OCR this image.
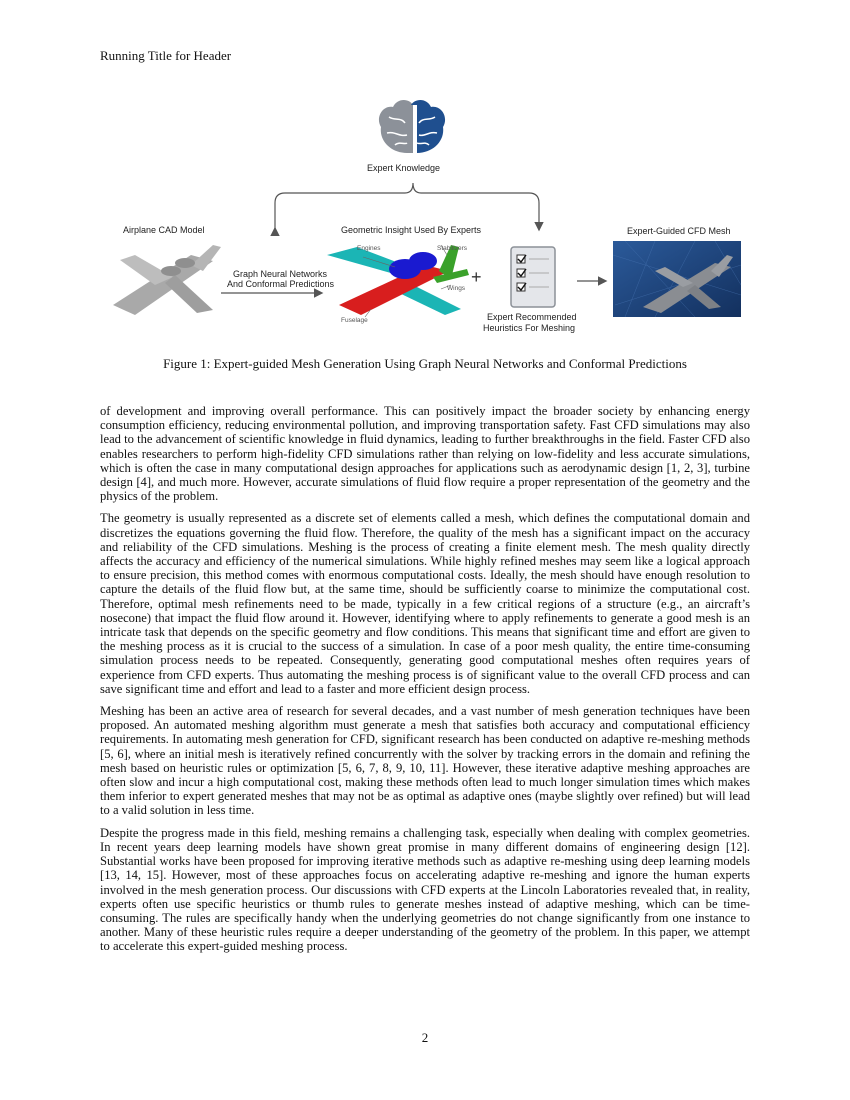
Running Title for Header
Expert Knowledge
Airplane CAD Model
Graph Neural Networks
And Conformal Predictions
Geometric Insight Used By Experts
Engines	Stabilizers
Wings
Fuselage
+
Expert Recommended
Heuristics For Meshing
Expert-Guided CFD Mesh
Figure 1: Expert-guided Mesh Generation Using Graph Neural Networks and Conformal Predictions

of development and improving overall performance. This can positively impact the broader society by enhancing energy consumption efficiency, reducing environmental pollution, and improving transportation safety. Fast CFD simulations may also lead to the advancement of scientific knowledge in fluid dynamics, leading to further breakthroughs in the field. Faster CFD also enables researchers to perform high-fidelity CFD simulations rather than relying on low-fidelity and less accurate simulations, which is often the case in many computational design approaches for applications such as aerodynamic design [1, 2, 3], turbine design [4], and much more. However, accurate simulations of fluid flow require a proper representation of the geometry and the physics of the problem.

The geometry is usually represented as a discrete set of elements called a mesh, which defines the computational domain and discretizes the equations governing the fluid flow. Therefore, the quality of the mesh has a significant impact on the accuracy and reliability of the CFD simulations. Meshing is the process of creating a finite element mesh. The mesh quality directly affects the accuracy and efficiency of the numerical simulations. While highly refined meshes may seem like a logical approach to ensure precision, this method comes with enormous computational costs. Ideally, the mesh should have enough resolution to capture the details of the fluid flow but, at the same time, should be sufficiently coarse to minimize the computational cost. Therefore, optimal mesh refinements need to be made, typically in a few critical regions of a structure (e.g., an aircraft’s nosecone) that impact the fluid flow around it. However, identifying where to apply refinements to generate a good mesh is an intricate task that depends on the specific geometry and flow conditions. This means that significant time and effort are given to the meshing process as it is crucial to the success of a simulation. In case of a poor mesh quality, the entire time-consuming simulation process needs to be repeated. Consequently, generating good computational meshes often requires years of experience from CFD experts. Thus automating the meshing process is of significant value to the overall CFD process and can save significant time and effort and lead to a faster and more efficient design process.

Meshing has been an active area of research for several decades, and a vast number of mesh generation techniques have been proposed. An automated meshing algorithm must generate a mesh that satisfies both accuracy and computational efficiency requirements. In automating mesh generation for CFD, significant research has been conducted on adaptive re-meshing methods [5, 6], where an initial mesh is iteratively refined concurrently with the solver by tracking errors in the domain and refining the mesh based on heuristic rules or optimization [5, 6, 7, 8, 9, 10, 11]. However, these iterative adaptive meshing approaches are often slow and incur a high computational cost, making these methods often lead to much longer simulation times which makes them inferior to expert generated meshes that may not be as optimal as adaptive ones (maybe slightly over refined) but will lead to a valid solution in less time.

Despite the progress made in this field, meshing remains a challenging task, especially when dealing with complex geometries. In recent years deep learning models have shown great promise in many different domains of engineering design [12]. Substantial works have been proposed for improving iterative methods such as adaptive re-meshing using deep learning models [13, 14, 15]. However, most of these approaches focus on accelerating adaptive re-meshing and ignore the human experts involved in the mesh generation process. Our discussions with CFD experts at the Lincoln Laboratories revealed that, in reality, experts often use specific heuristics or thumb rules to generate meshes instead of adaptive meshing, which can be time-consuming. The rules are specifically handy when the underlying geometries do not change significantly from one instance to another. Many of these heuristic rules require a deeper understanding of the geometry of the problem. In this paper, we attempt to accelerate this expert-guided meshing process.

2
